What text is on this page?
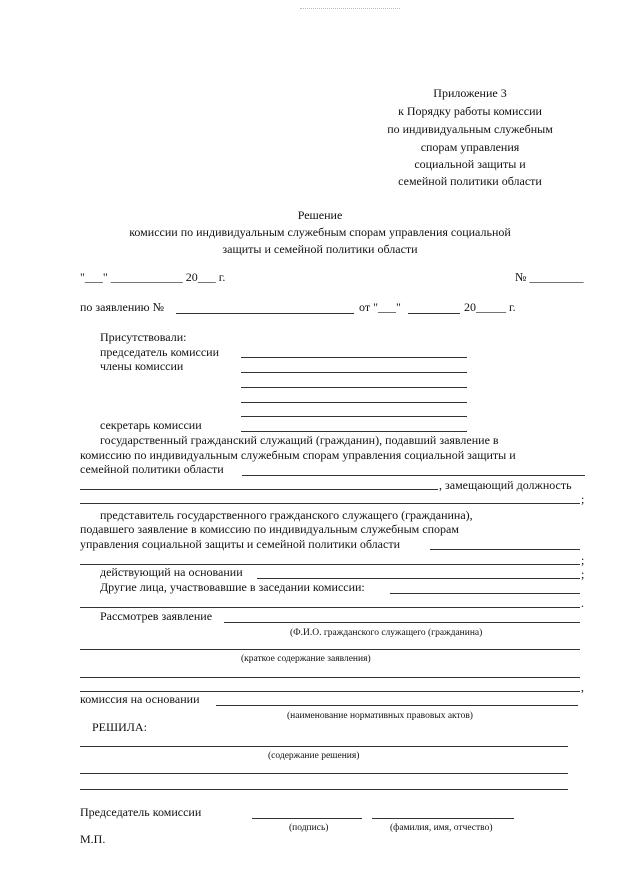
Приложение 3
к Порядку работы комиссии
по индивидуальным служебным
спорам управления
социальной защиты и
семейной политики области
Решение
комиссии по индивидуальным служебным спорам управления социальной
защиты и семейной политики области
"___" ____________ 20___ г.	№ _________
по заявлению №	от "___"	20_____ г.
Присутствовали:
председатель комиссии
члены комиссии
секретарь комиссии
государственный гражданский служащий (гражданин), подавший заявление в
комиссию по индивидуальным служебным спорам управления социальной защиты и
семейной политики области
, замещающий должность
;
представитель государственного гражданского служащего (гражданина),
подавшего заявление в комиссию по индивидуальным служебным спорам
управления социальной защиты и семейной политики области
;
действующий на основании	;
Другие лица, участвовавшие в заседании комиссии:
.
Рассмотрев заявление
(Ф.И.О. гражданского служащего (гражданина)
(краткое содержание заявления)
,
комиссия на основании
(наименование нормативных правовых актов)
РЕШИЛА:
(содержание решения)
Председатель комиссии
(подпись)	(фамилия, имя, отчество)
М.П.
